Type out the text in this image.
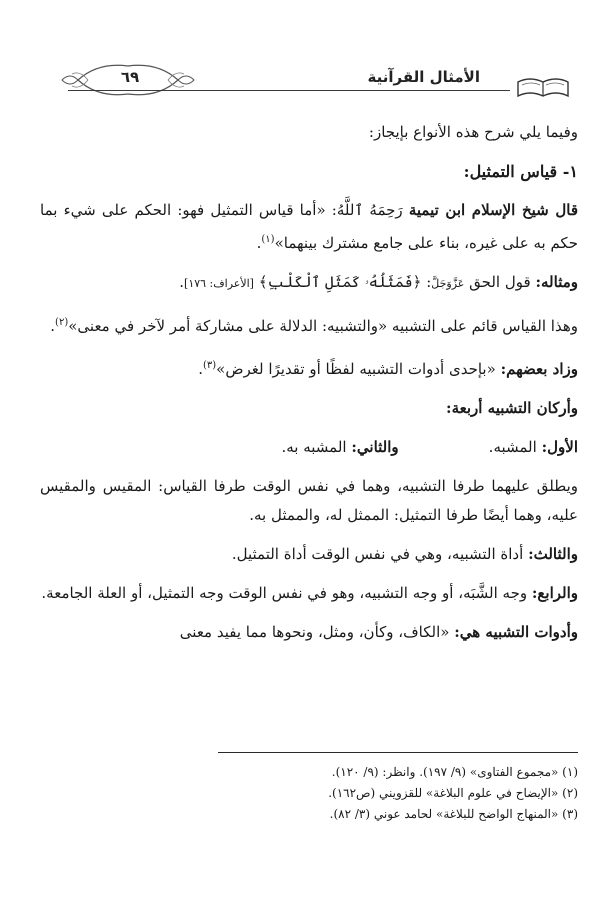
٦٩	الأمثال القرآنية

وفيما يلي شرح هذه الأنواع بإيجاز:

١- قياس التمثيل:

قال شيخ الإسلام ابن تيمية رَحِمَهُ ٱللَّهُ: «أما قياس التمثيل فهو: الحكم على شيء بما حكم به على غيره، بناء على جامع مشترك بينهما»$^{(١)}$.

ومثاله: قول الحق عَزَّوَجَلَّ: ﴿فَمَثَلُهُۥ كَمَثَلِ ٱلْكَلْبِ﴾ [الأعراف: ١٧٦].

وهذا القياس قائم على التشبيه «والتشبيه: الدلالة على مشاركة أمر لآخر في معنى»$^{(٢)}$.

وزاد بعضهم: «بإحدى أدوات التشبيه لفظًا أو تقديرًا لغرض»$^{(٣)}$.

وأركان التشبيه أربعة:

الأول: المشبه.
والثاني: المشبه به.

ويطلق عليهما طرفا التشبيه، وهما في نفس الوقت طرفا القياس: المقيس والمقيس عليه، وهما أيضًا طرفا التمثيل: الممثل له، والممثل به.

والثالث: أداة التشبيه، وهي في نفس الوقت أداة التمثيل.

والرابع: وجه الشَّبَه، أو وجه التشبيه، وهو في نفس الوقت وجه التمثيل، أو العلة الجامعة.

وأدوات التشبيه هي: «الكاف، وكأن، ومثل، ونحوها مما يفيد معنى

(١) «مجموع الفتاوى» (٩/ ١٩٧). وانظر: (٩/ ١٢٠).
(٢) «الإيضاح في علوم البلاغة» للقزويني (ص١٦٢).
(٣) «المنهاج الواضح للبلاغة» لحامد عوني (٣/ ٨٢).
